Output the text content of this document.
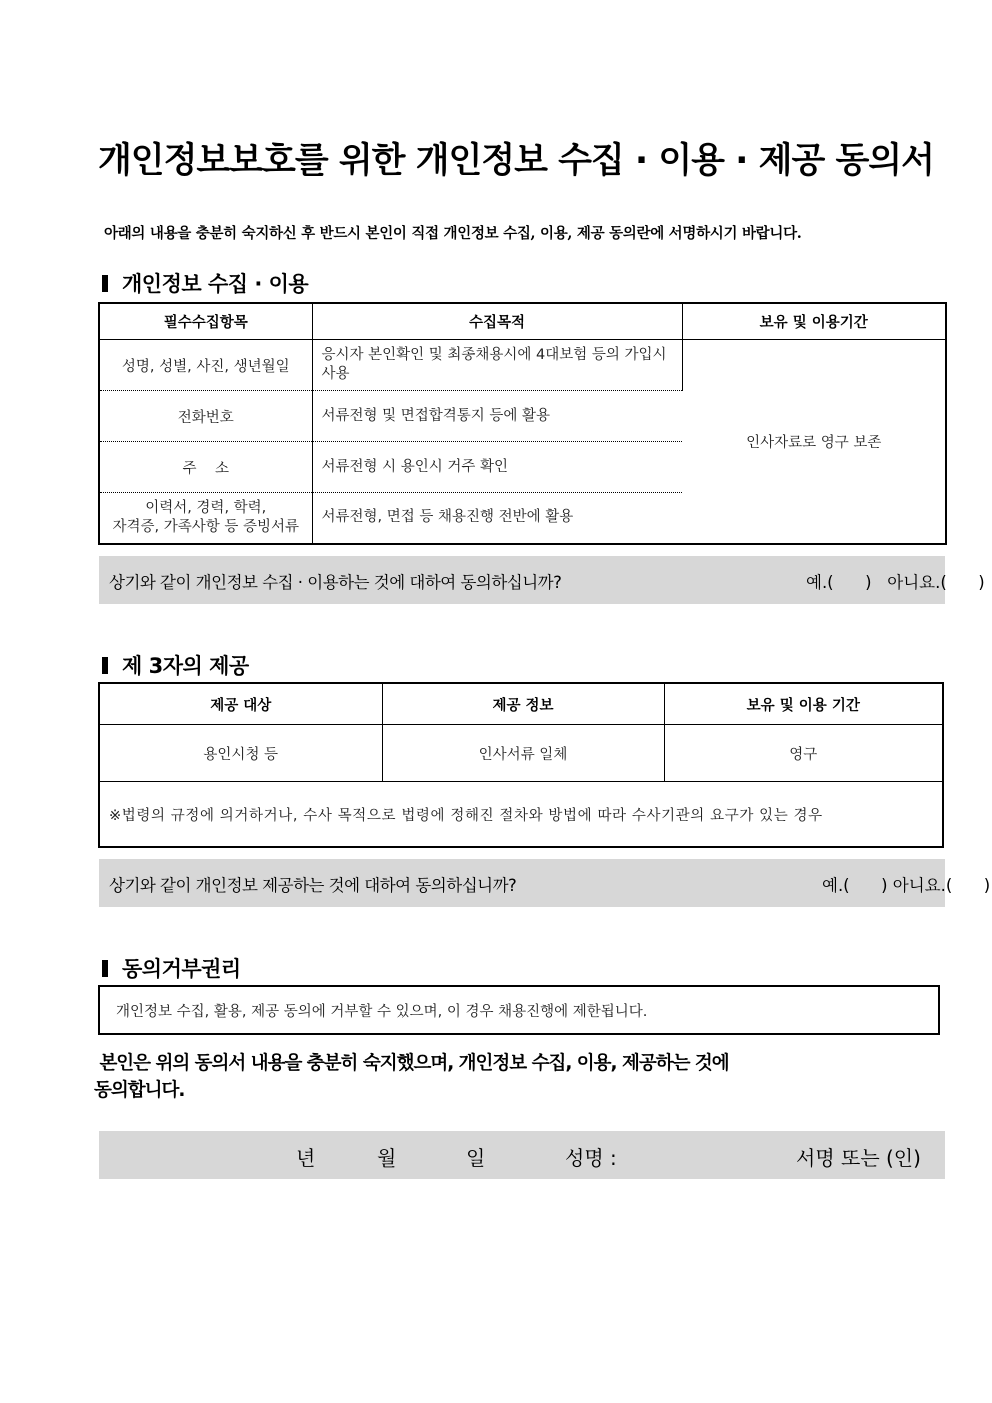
개인정보보호를 위한 개인정보 수집 · 이용 · 제공 동의서
아래의 내용을 충분히 숙지하신 후 반드시 본인이 직접 개인정보 수집, 이용, 제공 동의란에 서명하시기 바랍니다.
개인정보 수집 · 이용
필수수집항목	수집목적	보유 및 이용기간
성명, 성별, 사진, 생년월일	응시자 본인확인 및 최종채용시에 4대보험 등의 가입시 사용	인사자료로 영구 보존
전화번호	서류전형 및 면접합격통지 등에 활용	
주    소	서류전형 시 용인시 거주 확인	

이력서, 경력, 학력,
자격증, 가족사항 등 증빙서류	서류전형, 면접 등 채용진행 전반에 활용	
상기와 같이 개인정보 수집 · 이용하는 것에 대하여 동의하십니까?	예.(      )   아니요.(      )
제 3자의 제공
제공 대상	제공 정보	보유 및 이용 기간
용인시청 등	인사서류 일체	영구
※법령의 규정에 의거하거나, 수사 목적으로 법령에 정해진 절차와 방법에 따라 수사기관의 요구가 있는 경우		
상기와 같이 개인정보 제공하는 것에 대하여 동의하십니까?	예.(      ) 아니요.(      )
동의거부권리
개인정보 수집, 활용, 제공 동의에 거부할 수 있으며, 이 경우 채용진행에 제한됩니다.
본인은 위의 동의서 내용을 충분히 숙지했으며, 개인정보 수집, 이용, 제공하는 것에
동의합니다.
년	월	일	성명 :	서명 또는 (인)
